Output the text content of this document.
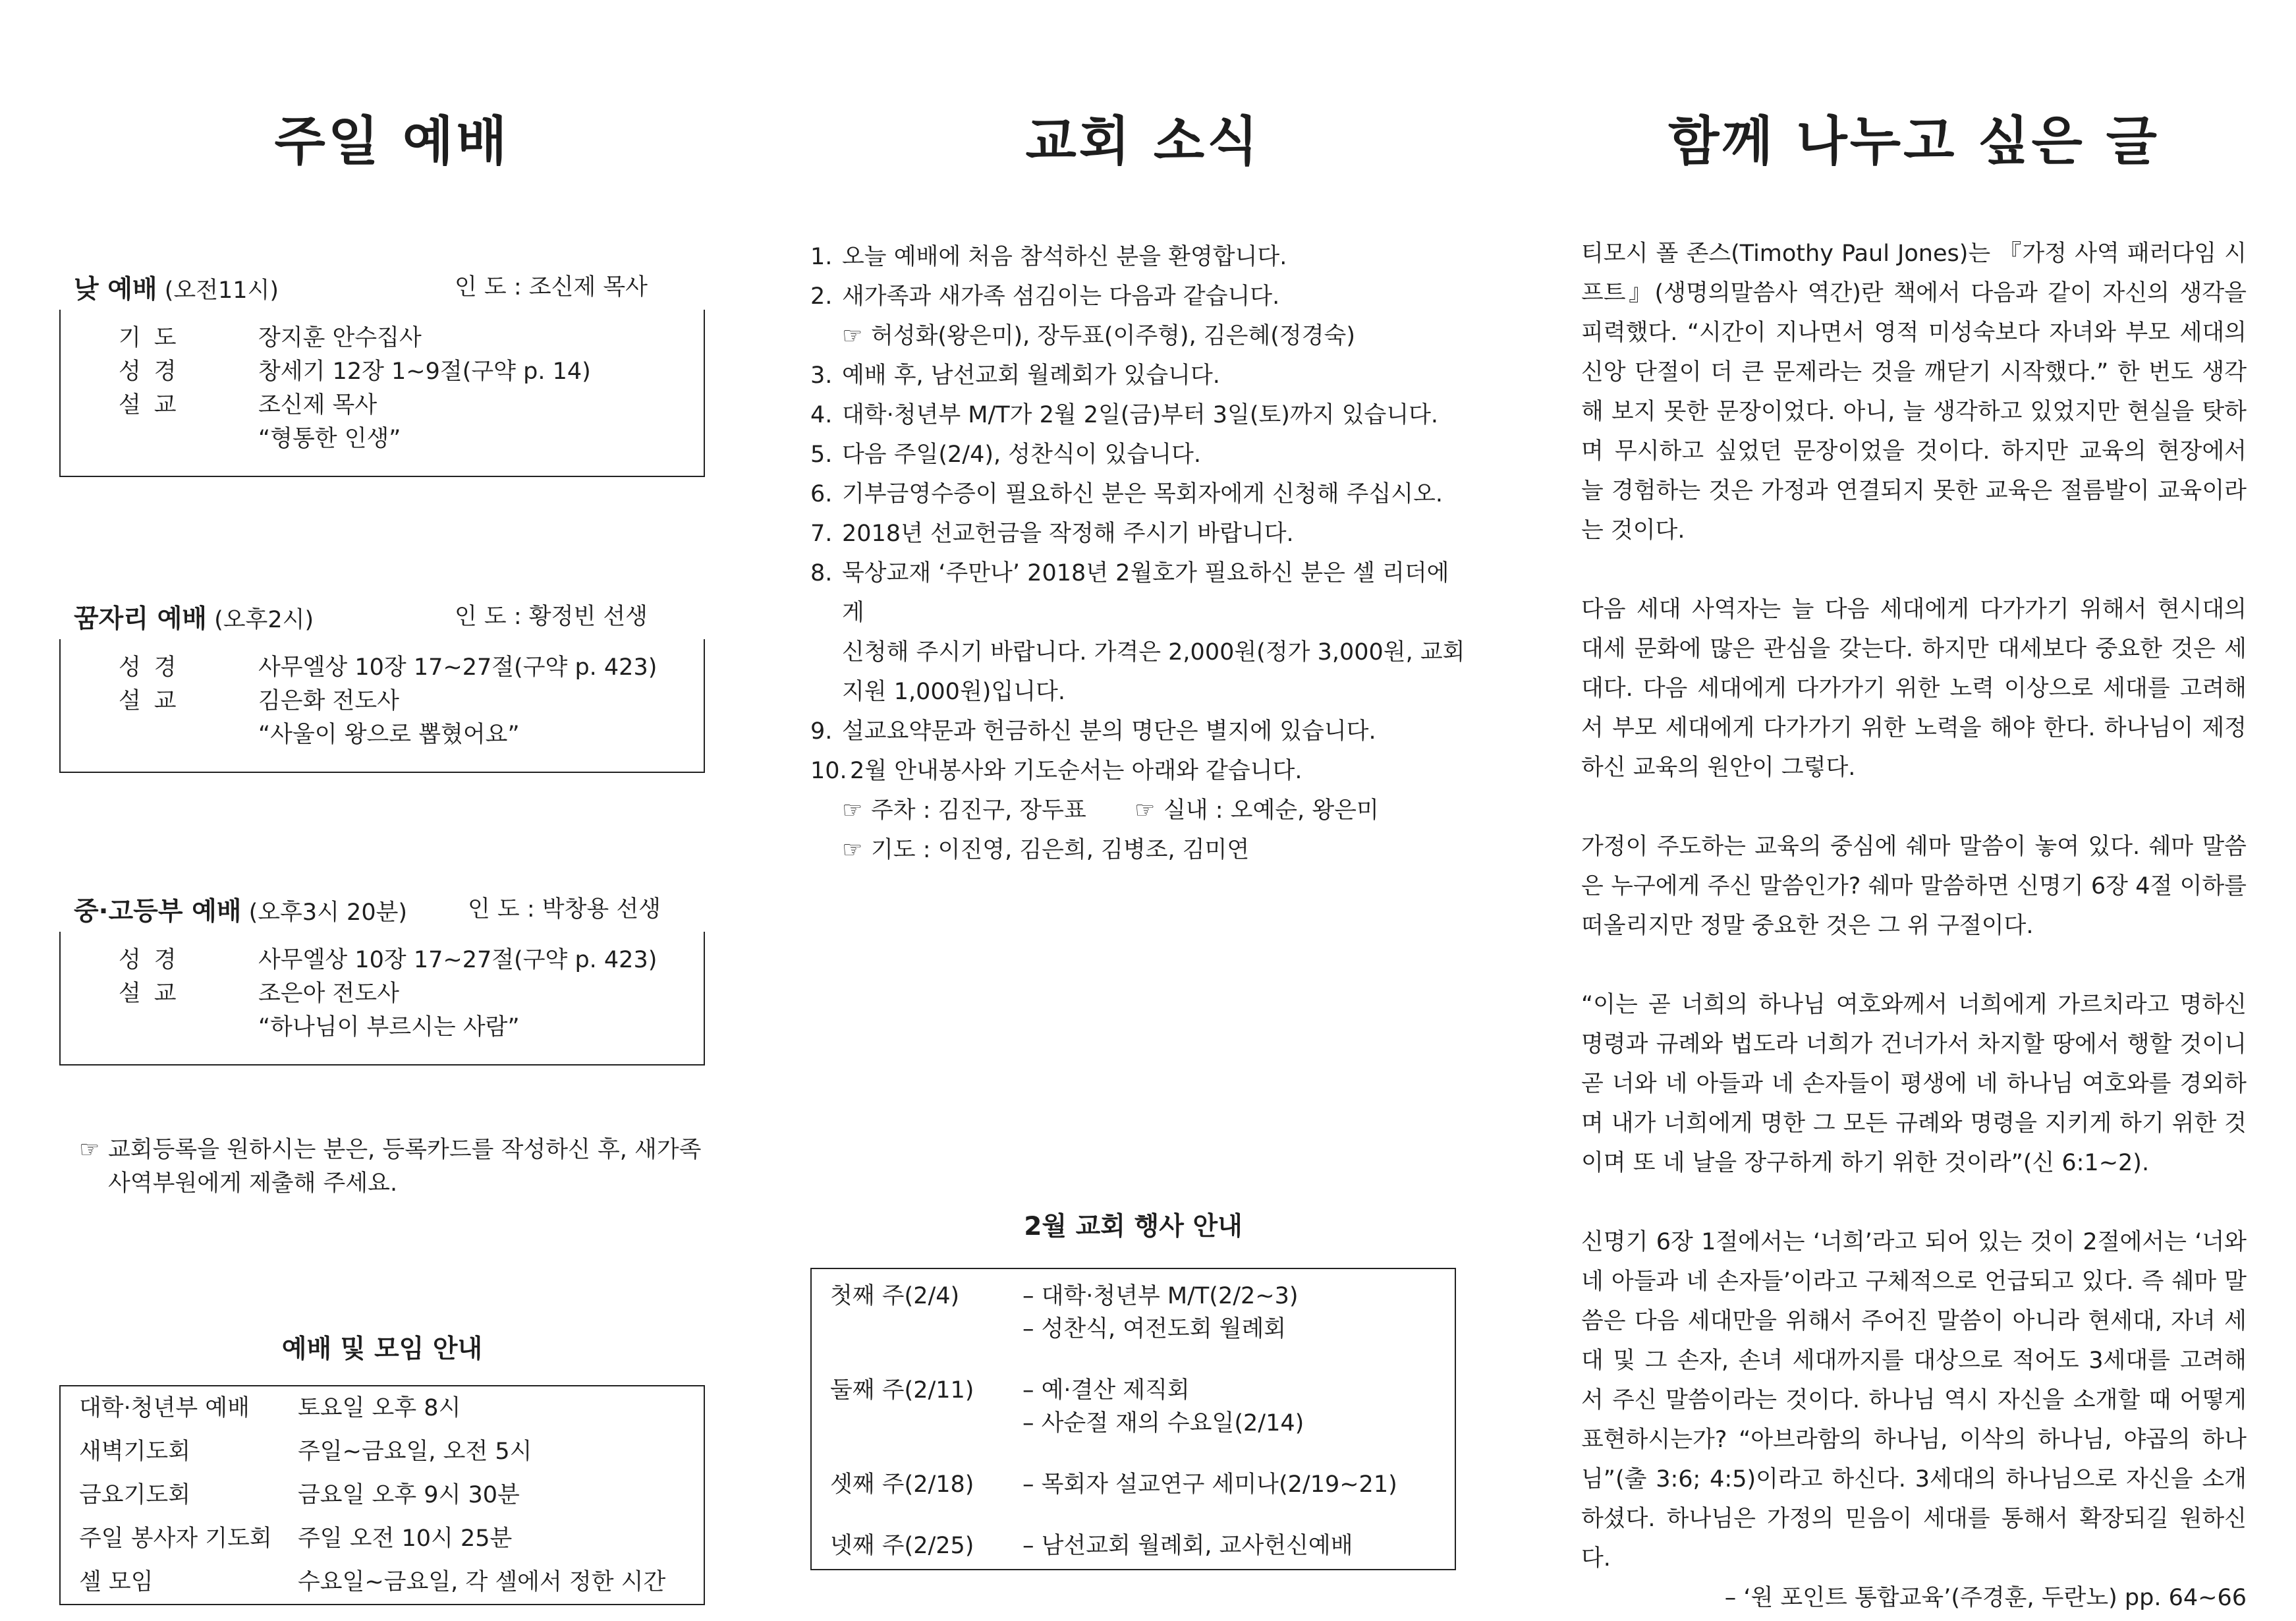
주일 예배
낮 예배 (오전11시)	인 도 : 조신제 목사
기도	장지훈 안수집사
성경	창세기 12장 1~9절(구약 p. 14)
설교	조신제 목사
“형통한 인생”
꿈자리 예배 (오후2시)	인 도 : 황정빈 선생
성경	사무엘상 10장 17~27절(구약 p. 423)
설교	김은화 전도사
“사울이 왕으로 뽑혔어요”
중·고등부 예배 (오후3시 20분)	인 도 : 박창용 선생
성경	사무엘상 10장 17~27절(구약 p. 423)
설교	조은아 전도사
“하나님이 부르시는 사람”
☞ 교회등록을 원하시는 분은, 등록카드를 작성하신 후, 새가족
사역부원에게 제출해 주세요.
예배 및 모임 안내
대학·청년부 예배	토요일 오후 8시
새벽기도회	주일~금요일, 오전 5시
금요기도회	금요일 오후 9시 30분
주일 봉사자 기도회	주일 오전 10시 25분
셀 모임	수요일~금요일, 각 셀에서 정한 시간
교회 소식
1. 오늘 예배에 처음 참석하신 분을 환영합니다.
2. 새가족과 새가족 섬김이는 다음과 같습니다.
☞ 허성화(왕은미), 장두표(이주형), 김은혜(정경숙)
3. 예배 후, 남선교회 월례회가 있습니다.
4. 대학·청년부 M/T가 2월 2일(금)부터 3일(토)까지 있습니다.
5. 다음 주일(2/4), 성찬식이 있습니다.
6. 기부금영수증이 필요하신 분은 목회자에게 신청해 주십시오.
7. 2018년 선교헌금을 작정해 주시기 바랍니다.
8. 묵상교재 ‘주만나’ 2018년 2월호가 필요하신 분은 셀 리더에게
신청해 주시기 바랍니다. 가격은 2,000원(정가 3,000원, 교회
지원 1,000원)입니다.
9. 설교요약문과 헌금하신 분의 명단은 별지에 있습니다.
10. 2월 안내봉사와 기도순서는 아래와 같습니다.
☞ 주차 : 김진구, 장두표	☞ 실내 : 오예순, 왕은미
☞ 기도 : 이진영, 김은희, 김병조, 김미연
2월 교회 행사 안내
첫째 주(2/4)	– 대학·청년부 M/T(2/2~3)
– 성찬식, 여전도회 월례회
둘째 주(2/11)	– 예·결산 제직회
– 사순절 재의 수요일(2/14)
셋째 주(2/18)	– 목회자 설교연구 세미나(2/19~21)
넷째 주(2/25)	– 남선교회 월례회, 교사헌신예배
함께 나누고 싶은 글

티모시 폴 존스(Timothy Paul Jones)는 『가정 사역 패러다임 시프트』(생명의말씀사 역간)란 책에서 다음과 같이 자신의 생각을 피력했다. “시간이 지나면서 영적 미성숙보다 자녀와 부모 세대의 신앙 단절이 더 큰 문제라는 것을 깨닫기 시작했다.” 한 번도 생각해 보지 못한 문장이었다. 아니, 늘 생각하고 있었지만 현실을 탓하며 무시하고 싶었던 문장이었을 것이다. 하지만 교육의 현장에서 늘 경험하는 것은 가정과 연결되지 못한 교육은 절름발이 교육이라는 것이다.

다음 세대 사역자는 늘 다음 세대에게 다가가기 위해서 현시대의 대세 문화에 많은 관심을 갖는다. 하지만 대세보다 중요한 것은 세대다. 다음 세대에게 다가가기 위한 노력 이상으로 세대를 고려해서 부모 세대에게 다가가기 위한 노력을 해야 한다. 하나님이 제정하신 교육의 원안이 그렇다.

가정이 주도하는 교육의 중심에 쉐마 말씀이 놓여 있다. 쉐마 말씀은 누구에게 주신 말씀인가? 쉐마 말씀하면 신명기 6장 4절 이하를 떠올리지만 정말 중요한 것은 그 위 구절이다.

“이는 곧 너희의 하나님 여호와께서 너희에게 가르치라고 명하신 명령과 규례와 법도라 너희가 건너가서 차지할 땅에서 행할 것이니 곧 너와 네 아들과 네 손자들이 평생에 네 하나님 여호와를 경외하며 내가 너희에게 명한 그 모든 규례와 명령을 지키게 하기 위한 것이며 또 네 날을 장구하게 하기 위한 것이라”(신 6:1~2).

신명기 6장 1절에서는 ‘너희’라고 되어 있는 것이 2절에서는 ‘너와 네 아들과 네 손자들’이라고 구체적으로 언급되고 있다. 즉 쉐마 말씀은 다음 세대만을 위해서 주어진 말씀이 아니라 현세대, 자녀 세대 및 그 손자, 손녀 세대까지를 대상으로 적어도 3세대를 고려해서 주신 말씀이라는 것이다. 하나님 역시 자신을 소개할 때 어떻게 표현하시는가? “아브라함의 하나님, 이삭의 하나님, 야곱의 하나님”(출 3:6; 4:5)이라고 하신다. 3세대의 하나님으로 자신을 소개하셨다. 하나님은 가정의 믿음이 세대를 통해서 확장되길 원하신다.

– ‘원 포인트 통합교육’(주경훈, 두란노) pp. 64~66
